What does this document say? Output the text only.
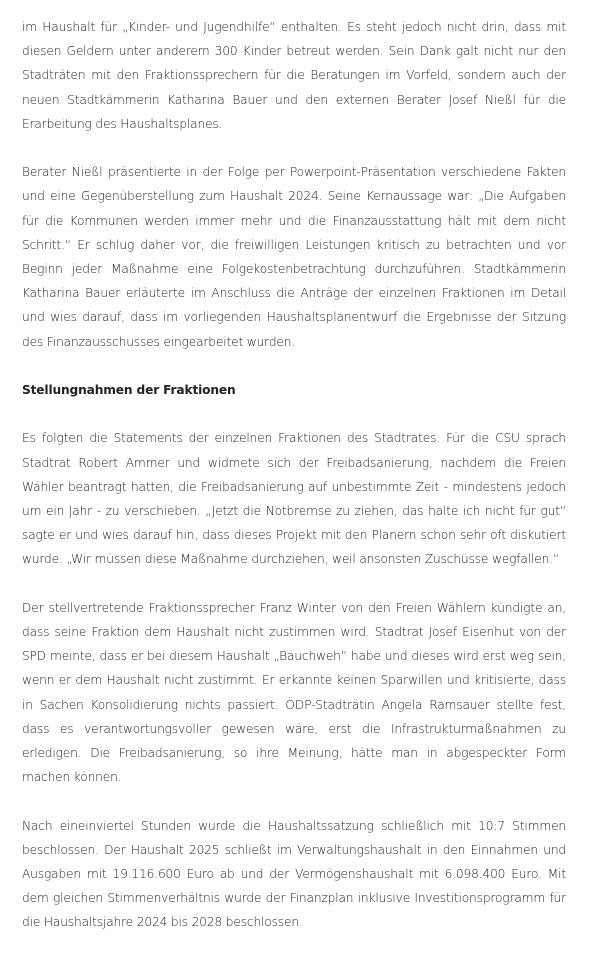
im Haushalt für „Kinder- und Jugendhilfe“ enthalten. Es steht jedoch nicht drin, dass mit diesen Geldern unter anderem 300 Kinder betreut werden. Sein Dank galt nicht nur den Stadträten mit den Fraktionssprechern für die Beratungen im Vorfeld, sondern auch der neuen Stadtkämmerin Katharina Bauer und den externen Berater Josef Nießl für die Erarbeitung des Haushaltsplanes.

Berater Nießl präsentierte in der Folge per Powerpoint-Präsentation verschiedene Fakten und eine Gegenüberstellung zum Haushalt 2024. Seine Kernaussage war: „Die Aufgaben für die Kommunen werden immer mehr und die Finanzausstattung hält mit dem nicht Schritt.“ Er schlug daher vor, die freiwilligen Leistungen kritisch zu betrachten und vor Beginn jeder Maßnahme eine Folgekostenbetrachtung durchzuführen. Stadtkämmerin Katharina Bauer erläuterte im Anschluss die Anträge der einzelnen Fraktionen im Detail und wies darauf, dass im vorliegenden Haushaltsplanentwurf die Ergebnisse der Sitzung des Finanzausschusses eingearbeitet wurden.

Stellungnahmen der Fraktionen

Es folgten die Statements der einzelnen Fraktionen des Stadtrates. Für die CSU sprach Stadtrat Robert Ammer und widmete sich der Freibadsanierung, nachdem die Freien Wähler beantragt hatten, die Freibadsanierung auf unbestimmte Zeit - mindestens jedoch um ein Jahr - zu verschieben. „Jetzt die Notbremse zu ziehen, das halte ich nicht für gut“ sagte er und wies darauf hin, dass dieses Projekt mit den Planern schon sehr oft diskutiert wurde. „Wir müssen diese Maßnahme durchziehen, weil ansonsten Zuschüsse wegfallen.“

Der stellvertretende Fraktionssprecher Franz Winter von den Freien Wählern kündigte an, dass seine Fraktion dem Haushalt nicht zustimmen wird. Stadtrat Josef Eisenhut von der SPD meinte, dass er bei diesem Haushalt „Bauchweh“ habe und dieses wird erst weg sein, wenn er dem Haushalt nicht zustimmt. Er erkannte keinen Sparwillen und kritisierte, dass in Sachen Konsolidierung nichts passiert. ÖDP-Stadträtin Angela Ramsauer stellte fest, dass es verantwortungsvoller gewesen wäre, erst die Infrastrukturmaßnahmen zu erledigen. Die Freibadsanierung, so ihre Meinung, hätte man in abgespeckter Form machen können.

Nach eineinviertel Stunden wurde die Haushaltssatzung schließlich mit 10:7 Stimmen beschlossen. Der Haushalt 2025 schließt im Verwaltungshaushalt in den Einnahmen und Ausgaben mit 19.116.600 Euro ab und der Vermögenshaushalt mit 6.098.400 Euro. Mit dem gleichen Stimmenverhältnis wurde der Finanzplan inklusive Investitionsprogramm für die Haushaltsjahre 2024 bis 2028 beschlossen.
